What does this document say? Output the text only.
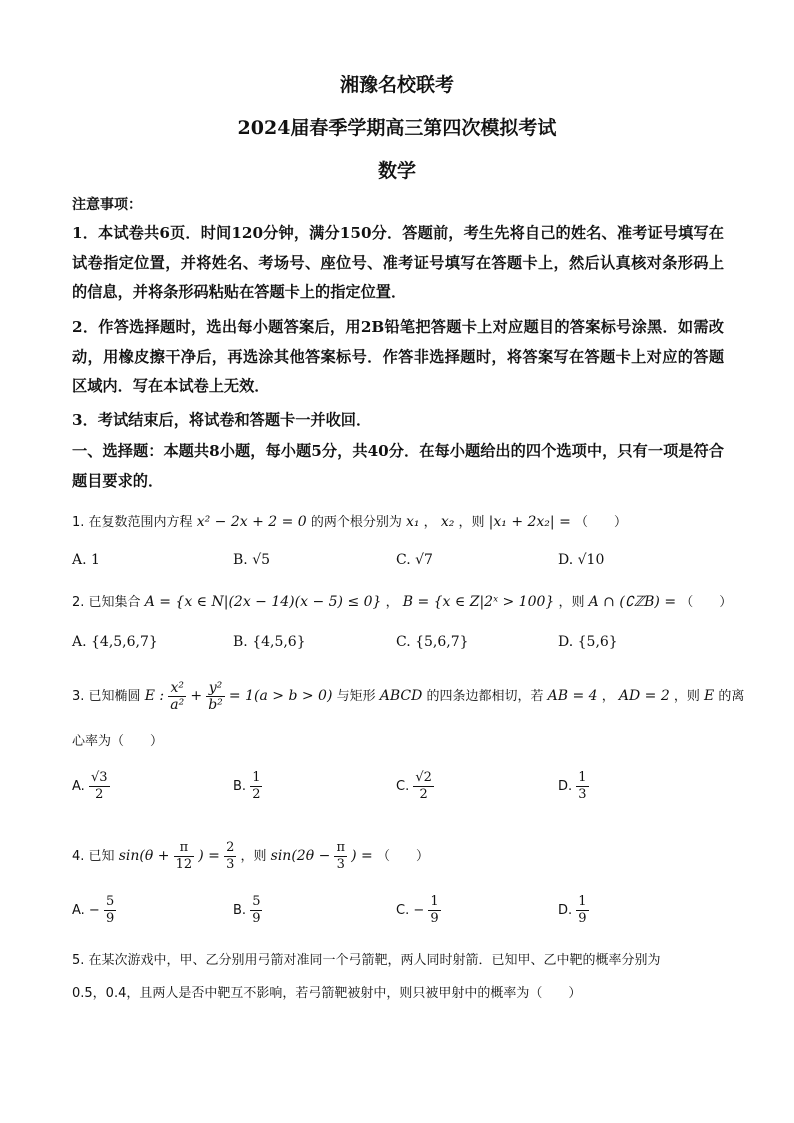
湘豫名校联考
2024届春季学期高三第四次模拟考试
数学
注意事项：
1．本试卷共6页．时间120分钟，满分150分．答题前，考生先将自己的姓名、准考证号填写在试卷指定位置，并将姓名、考场号、座位号、准考证号填写在答题卡上，然后认真核对条形码上的信息，并将条形码粘贴在答题卡上的指定位置．
2．作答选择题时，选出每小题答案后，用2B铅笔把答题卡上对应题目的答案标号涂黑．如需改动，用橡皮擦干净后，再选涂其他答案标号．作答非选择题时，将答案写在答题卡上对应的答题区域内．写在本试卷上无效．
3．考试结束后，将试卷和答题卡一并收回．
一、选择题：本题共8小题，每小题5分，共40分．在每小题给出的四个选项中，只有一项是符合题目要求的．
1. 在复数范围内方程 x² − 2x + 2 = 0 的两个根分别为 x₁ ， x₂ ，则 |x₁ + 2x₂| = （　　）
A. 1	B. √5	C. √7	D. √10
2. 已知集合 A = {x ∈ N|(2x − 14)(x − 5) ≤ 0} ， B = {x ∈ Z|2ˣ > 100} ，则 A ∩ (∁ℤB) = （　　）
A. {4,5,6,7}	B. {4,5,6}	C. {5,6,7}	D. {5,6}
3. 已知椭圆 E : $\frac{\text{x²}}{\text{a²}} + \frac{\text{y²}}{\text{b²}} = 1(a > b > 0)$ 与矩形 ABCD 的四条边都相切，若 AB = 4 ， AD = 2 ，则 E 的离
心率为（　　）
A. $\frac{√3}{2}$	B. $\frac{1}{2}$	C. $\frac{√2}{2}$	D. $\frac{1}{3}$
4. 已知 $\sin(\theta + \frac{\pi}{12}$ ) = $\frac{2}{3}$ ，则 $\sin(2\theta - \frac{\pi}{3}$ ) = （　　）
A. − $\frac{5}{9}$	B. $\frac{5}{9}$	C. − $\frac{1}{9}$	D. $\frac{1}{9}$
5. 在某次游戏中，甲、乙分别用弓箭对准同一个弓箭靶，两人同时射箭．已知甲、乙中靶的概率分别为
0.5，0.4，且两人是否中靶互不影响，若弓箭靶被射中，则只被甲射中的概率为（　　）
